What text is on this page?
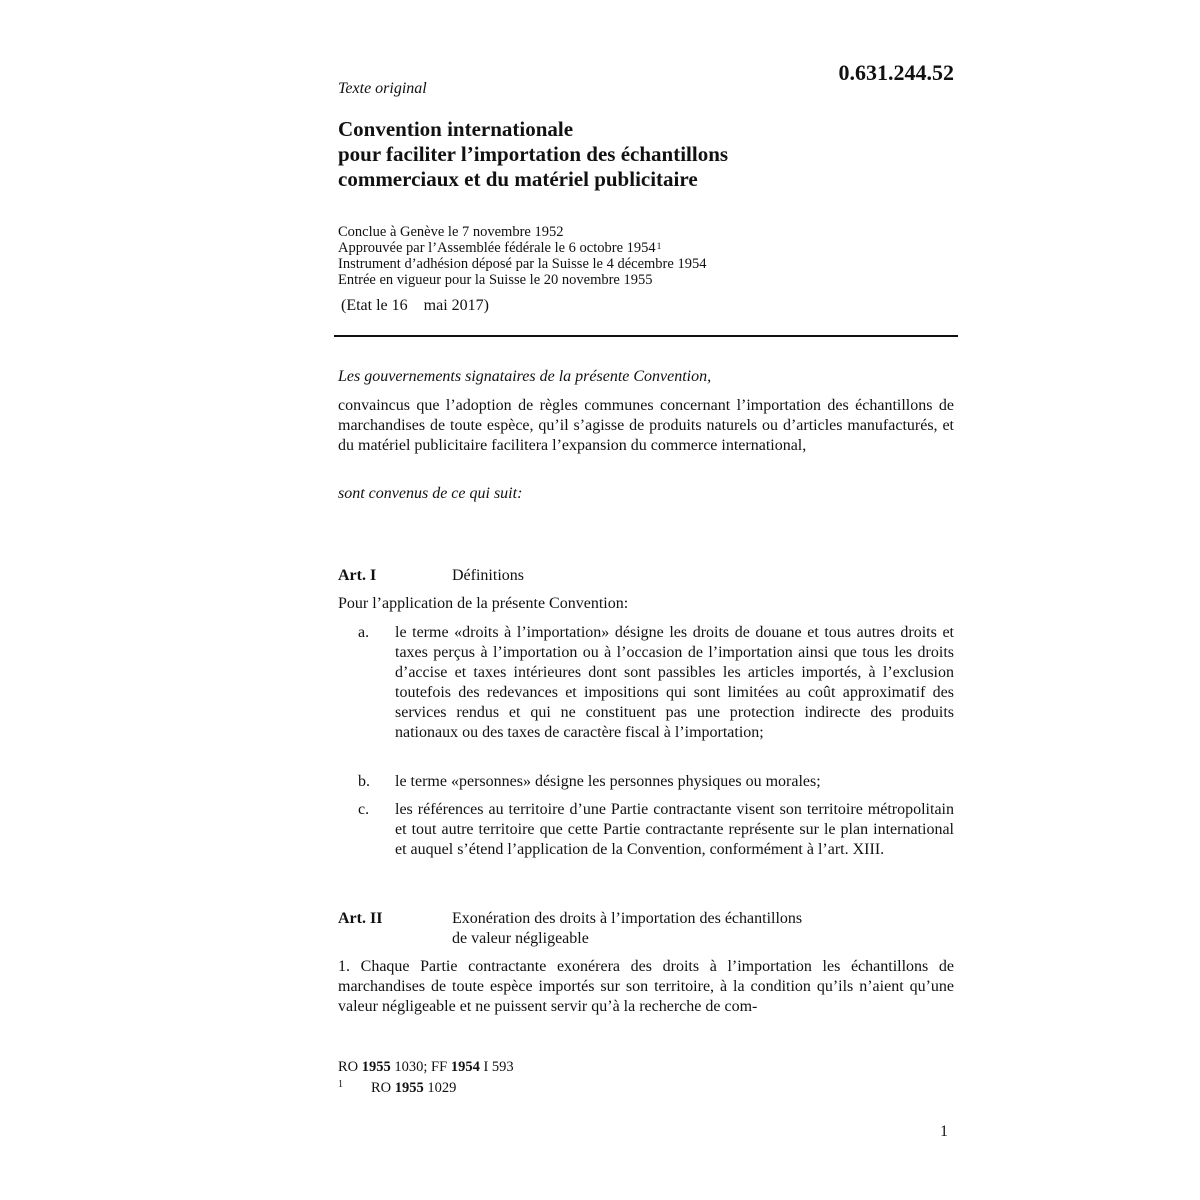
0.631.244.52
Texte original
Convention internationale
pour faciliter l’importation des échantillons
commerciaux et du matériel publicitaire
Conclue à Genève le 7 novembre 1952
Approuvée par l’Assemblée fédérale le 6 octobre 1954$^1$
Instrument d’adhésion déposé par la Suisse le 4 décembre 1954
Entrée en vigueur pour la Suisse le 20 novembre 1955
(Etat le 16    mai 2017)
Les gouvernements signataires de la présente Convention,
convaincus que l’adoption de règles communes concernant l’importation des échantillons de marchandises de toute espèce, qu’il s’agisse de produits naturels ou d’articles manufacturés, et du matériel publicitaire facilitera l’expansion du commerce international,
sont convenus de ce qui suit:
Art. I	Définitions
Pour l’application de la présente Convention:
a. le terme «droits à l’importation» désigne les droits de douane et tous autres droits et taxes perçus à l’importation ou à l’occasion de l’importation ainsi que tous les droits d’accise et taxes intérieures dont sont passibles les articles importés, à l’exclusion toutefois des redevances et impositions qui sont limitées au coût approximatif des services rendus et qui ne constituent pas une protection indirecte des produits nationaux ou des taxes de caractère fiscal à l’importation;
b. le terme «personnes» désigne les personnes physiques ou morales;
c. les références au territoire d’une Partie contractante visent son territoire métropolitain et tout autre territoire que cette Partie contractante représente sur le plan international et auquel s’étend l’application de la Convention, conformément à l’art. XIII.
Art. II	Exonération des droits à l’importation des échantillons
de valeur négligeable
1. Chaque Partie contractante exonérera des droits à l’importation les échantillons de marchandises de toute espèce importés sur son territoire, à la condition qu’ils n’aient qu’une valeur négligeable et ne puissent servir qu’à la recherche de com-
RO 1955 1030; FF 1954 I 593
1 RO 1955 1029
1
